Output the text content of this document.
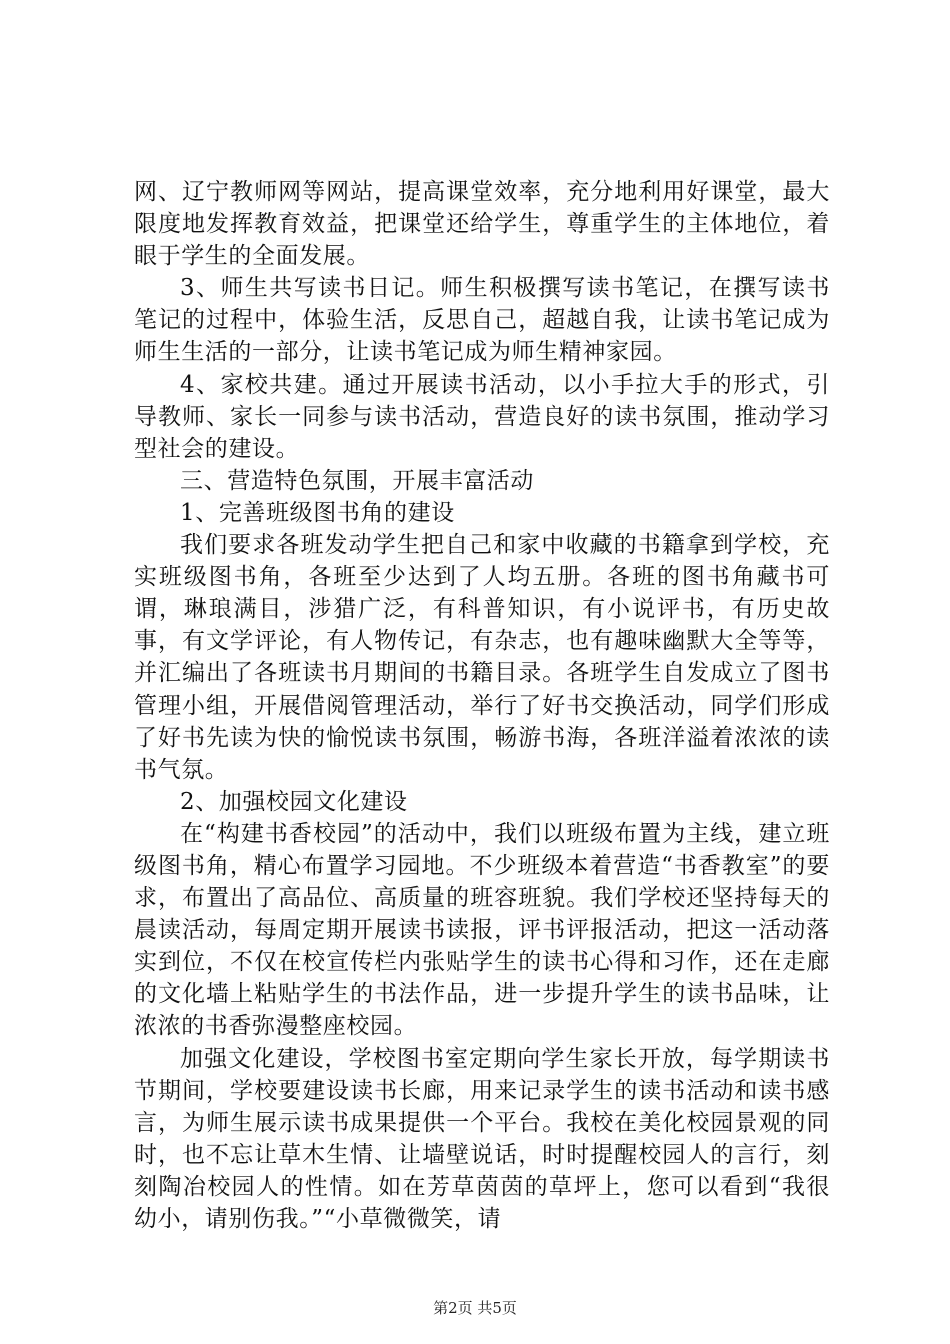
网、辽宁教师网等网站，提高课堂效率，充分地利用好课堂，最大限度地发挥教育效益，把课堂还给学生，尊重学生的主体地位，着眼于学生的全面发展。

3、师生共写读书日记。师生积极撰写读书笔记，在撰写读书笔记的过程中，体验生活，反思自己，超越自我，让读书笔记成为师生生活的一部分，让读书笔记成为师生精神家园。

4、家校共建。通过开展读书活动，以小手拉大手的形式，引导教师、家长一同参与读书活动，营造良好的读书氛围，推动学习型社会的建设。

三、营造特色氛围，开展丰富活动

1、完善班级图书角的建设

我们要求各班发动学生把自己和家中收藏的书籍拿到学校，充实班级图书角，各班至少达到了人均五册。各班的图书角藏书可谓，琳琅满目，涉猎广泛，有科普知识，有小说评书，有历史故事，有文学评论，有人物传记，有杂志，也有趣味幽默大全等等，并汇编出了各班读书月期间的书籍目录。各班学生自发成立了图书管理小组，开展借阅管理活动，举行了好书交换活动，同学们形成了好书先读为快的愉悦读书氛围，畅游书海，各班洋溢着浓浓的读书气氛。

2、加强校园文化建设

在“构建书香校园”的活动中，我们以班级布置为主线，建立班级图书角，精心布置学习园地。不少班级本着营造“书香教室”的要求，布置出了高品位、高质量的班容班貌。我们学校还坚持每天的晨读活动，每周定期开展读书读报，评书评报活动，把这一活动落实到位，不仅在校宣传栏内张贴学生的读书心得和习作，还在走廊的文化墙上粘贴学生的书法作品，进一步提升学生的读书品味，让浓浓的书香弥漫整座校园。

加强文化建设，学校图书室定期向学生家长开放，每学期读书节期间，学校要建设读书长廊，用来记录学生的读书活动和读书感言，为师生展示读书成果提供一个平台。我校在美化校园景观的同时，也不忘让草木生情、让墙壁说话，时时提醒校园人的言行，刻刻陶冶校园人的性情。如在芳草茵茵的草坪上，您可以看到“我很幼小，请别伤我。”“小草微微笑，请

第2页 共5页
